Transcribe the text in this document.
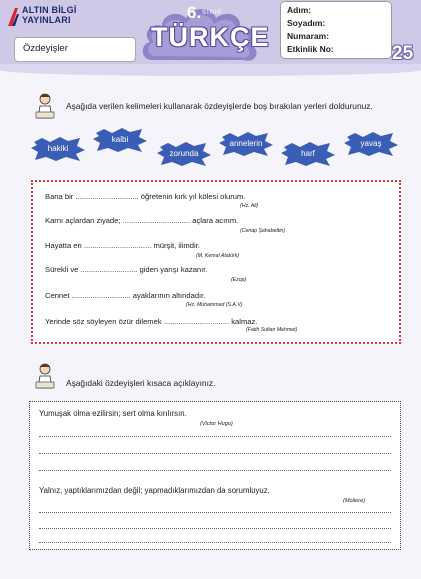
ALTIN BİLGİ YAYINLARI	6. SINIF
TÜRKÇE
Özdeyişler
Adım:
Soyadım:
Numaram:
Etkinlik No:	25
Aşağıda verilen kelimeleri kullanarak özdeyişlerde boş bırakılan yerleri doldurunuz.
hakiki
kalbi
zorunda
annelerin
harf
yavaş
Bana bir .............................. öğretenin kırk yıl kölesi olurum.
(Hz. Ali)
Karnı açlardan ziyade; ................................ açlara acırım.
(Cenap Şahabettin)
Hayatta en ................................ mürşit, ilimdir.
(M. Kemal Atatürk)
Sürekli ve ........................... giden yarışı kazanır.
(Ezop)
Cennet ............................ ayaklarının altındadır.
(Hz. Muhammed (S.A.V)
Yerinde söz söyleyen özür dilemek ............................... kalmaz.
(Fatih Sultan Mehmet)
Aşağıdaki özdeyişleri kısaca açıklayınız.
Yumuşak olma ezilirsin; sert olma kırılırsın.
(Victor Hugo)
Yalnız, yaptıklarımızdan değil; yapmadıklarımızdan da sorumluyuz.
(Moliere)
